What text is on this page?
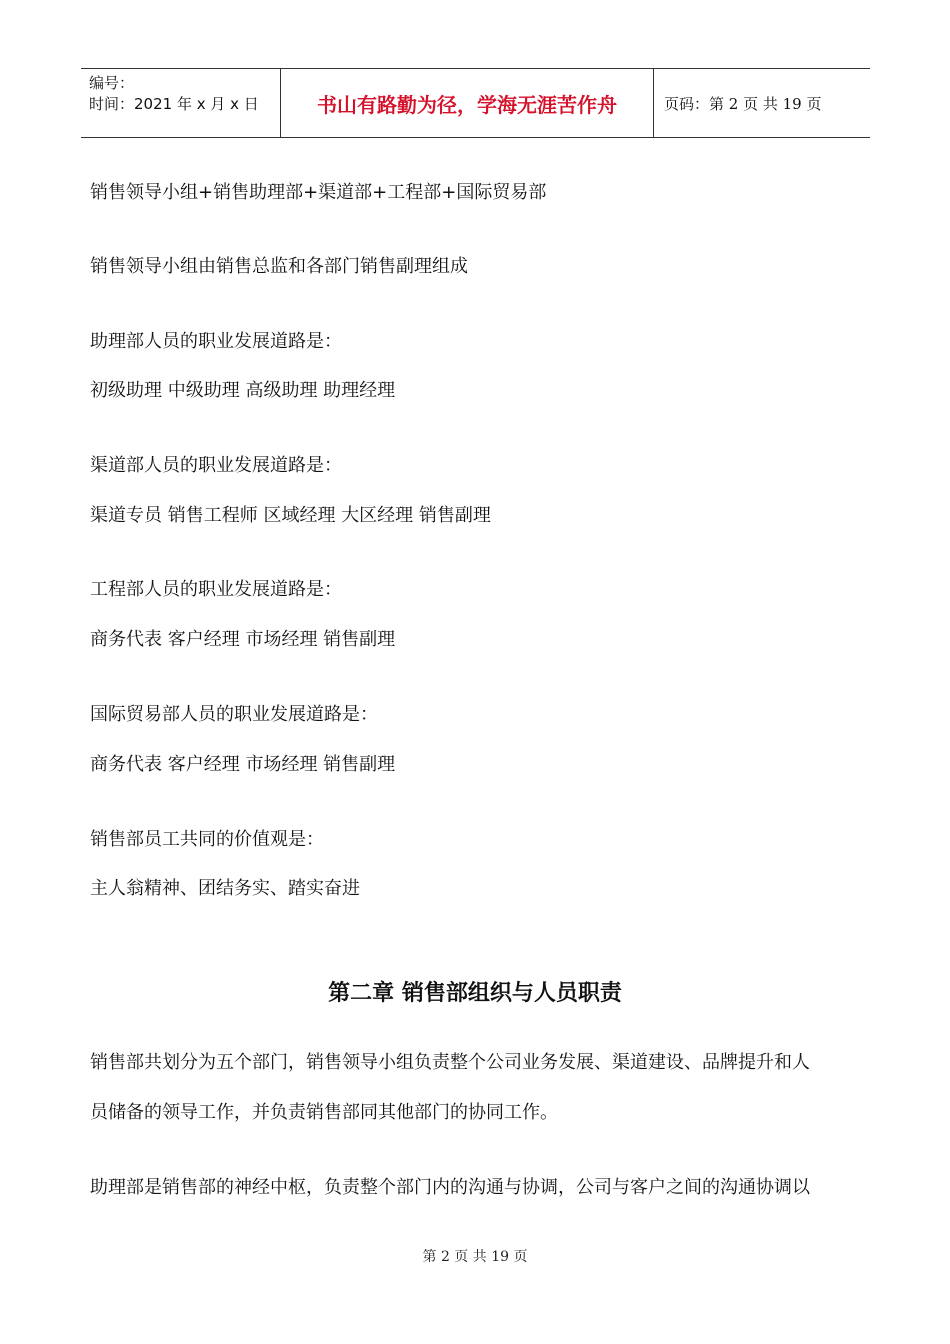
编号：
时间：2021 年 x 月 x 日	书山有路勤为径，学海无涯苦作舟	页码：第 2 页 共 19 页
销售领导小组+销售助理部+渠道部+工程部+国际贸易部
销售领导小组由销售总监和各部门销售副理组成
助理部人员的职业发展道路是：
初级助理 中级助理 高级助理 助理经理
渠道部人员的职业发展道路是：
渠道专员 销售工程师 区域经理 大区经理 销售副理
工程部人员的职业发展道路是：
商务代表 客户经理 市场经理 销售副理
国际贸易部人员的职业发展道路是：
商务代表 客户经理 市场经理 销售副理
销售部员工共同的价值观是：
主人翁精神、团结务实、踏实奋进
第二章 销售部组织与人员职责
销售部共划分为五个部门，销售领导小组负责整个公司业务发展、渠道建设、品牌提升和人
员储备的领导工作，并负责销售部同其他部门的协同工作。
助理部是销售部的神经中枢，负责整个部门内的沟通与协调，公司与客户之间的沟通协调以
第 2 页 共 19 页
